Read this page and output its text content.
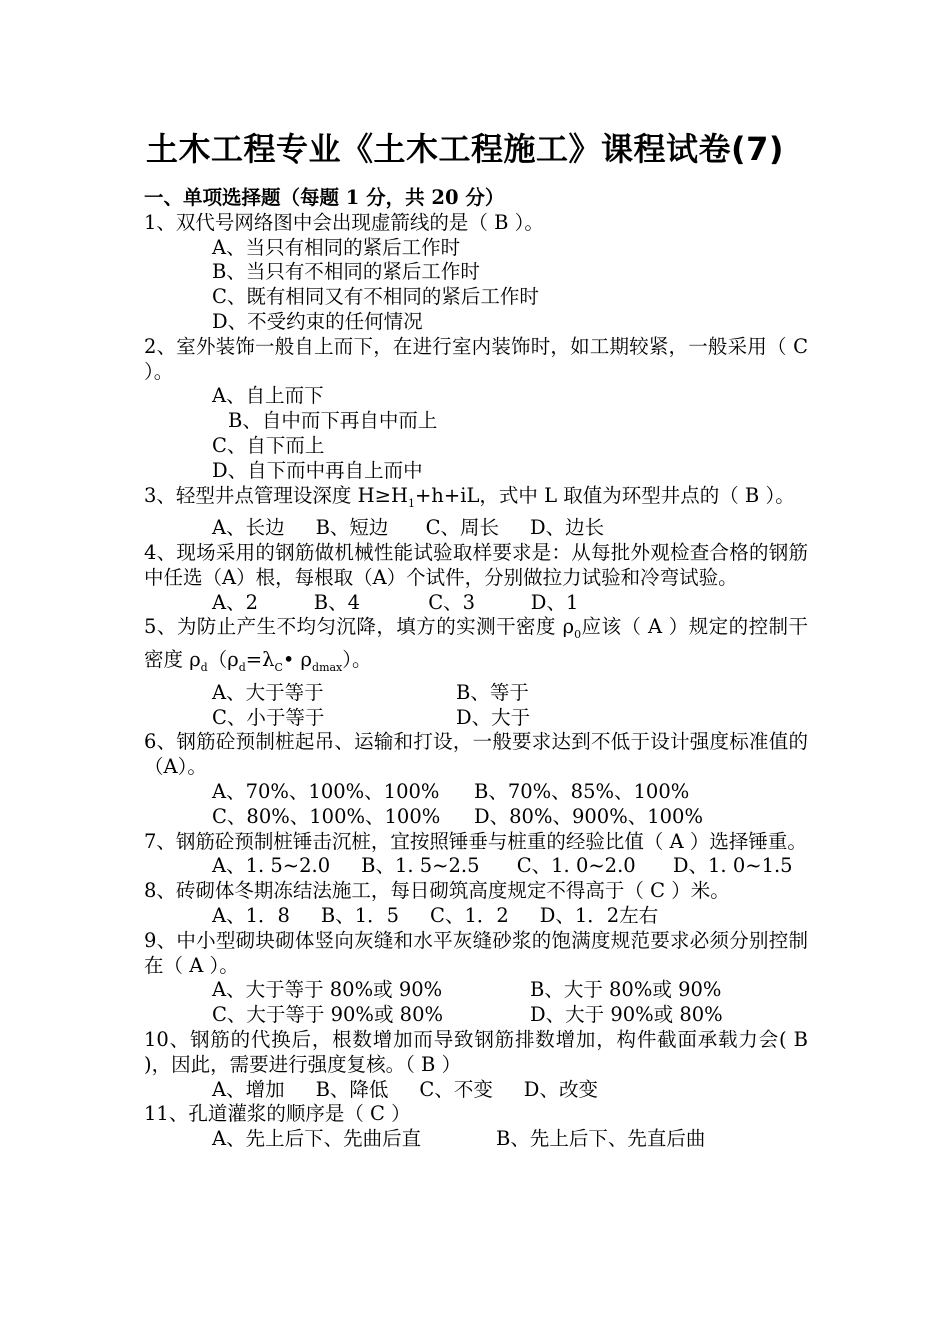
土木工程专业《土木工程施工》课程试卷(7)
一、单项选择题（每题 1 分，共 20 分）
1、双代号网络图中会出现虚箭线的是（ B ）。
A、当只有相同的紧后工作时
B、当只有不相同的紧后工作时
C、既有相同又有不相同的紧后工作时
D、不受约束的任何情况
2、室外装饰一般自上而下，在进行室内装饰时，如工期较紧，一般采用（ C ）。
A、自上而下
B、自中而下再自中而上
C、自下而上
D、自下而中再自上而中
3、轻型井点管理设深度 $H\ge H_1+h+iL$，式中 L 取值为环型井点的（ B ）。
A、长边     B、短边      C、周长     D、边长
4、现场采用的钢筋做机械性能试验取样要求是：从每批外观检查合格的钢筋中任选（A）根，每根取（A）个试件，分别做拉力试验和冷弯试验。
A、2         B、4           C、3         D、1
5、为防止产生不均匀沉降，填方的实测干密度 $\rho_0$应该（ A ）规定的控制干密度 $\rho_d(\rho_d=\lambda_C•$ $\rho_{dmax}$）。
A、大于等于	B、等于
C、小于等于	D、大于
6、钢筋砼预制桩起吊、运输和打设，一般要求达到不低于设计强度标准值的（A）。
A、70%、100%、100% B、70%、85%、100%
C、80%、100%、100% D、80%、900%、100%
7、钢筋砼预制桩锤击沉桩，宜按照锤垂与桩重的经验比值（ A ）选择锤重。
A、1. 5~2.0     B、1. 5~2.5      C、1. 0~2.0      D、1. 0~1.5
8、砖砌体冬期冻结法施工，每日砌筑高度规定不得高于（ C ）米。
A、1．8     B、1．5     C、1．2     D、1．2左右
9、中小型砌块砌体竖向灰缝和水平灰缝砂浆的饱满度规范要求必须分别控制在（ A ）。
A、大于等于 80%或 90%	B、大于 80%或 90%
C、大于等于 90%或 80%	D、大于 90%或 80%
10、钢筋的代换后，根数增加而导致钢筋排数增加，构件截面承载力会( B )，因此，需要进行强度复核。（ B ）
A、增加     B、降低     C、不变     D、改变
11、孔道灌浆的顺序是（ C ）
A、先上后下、先曲后直	B、先上后下、先直后曲
